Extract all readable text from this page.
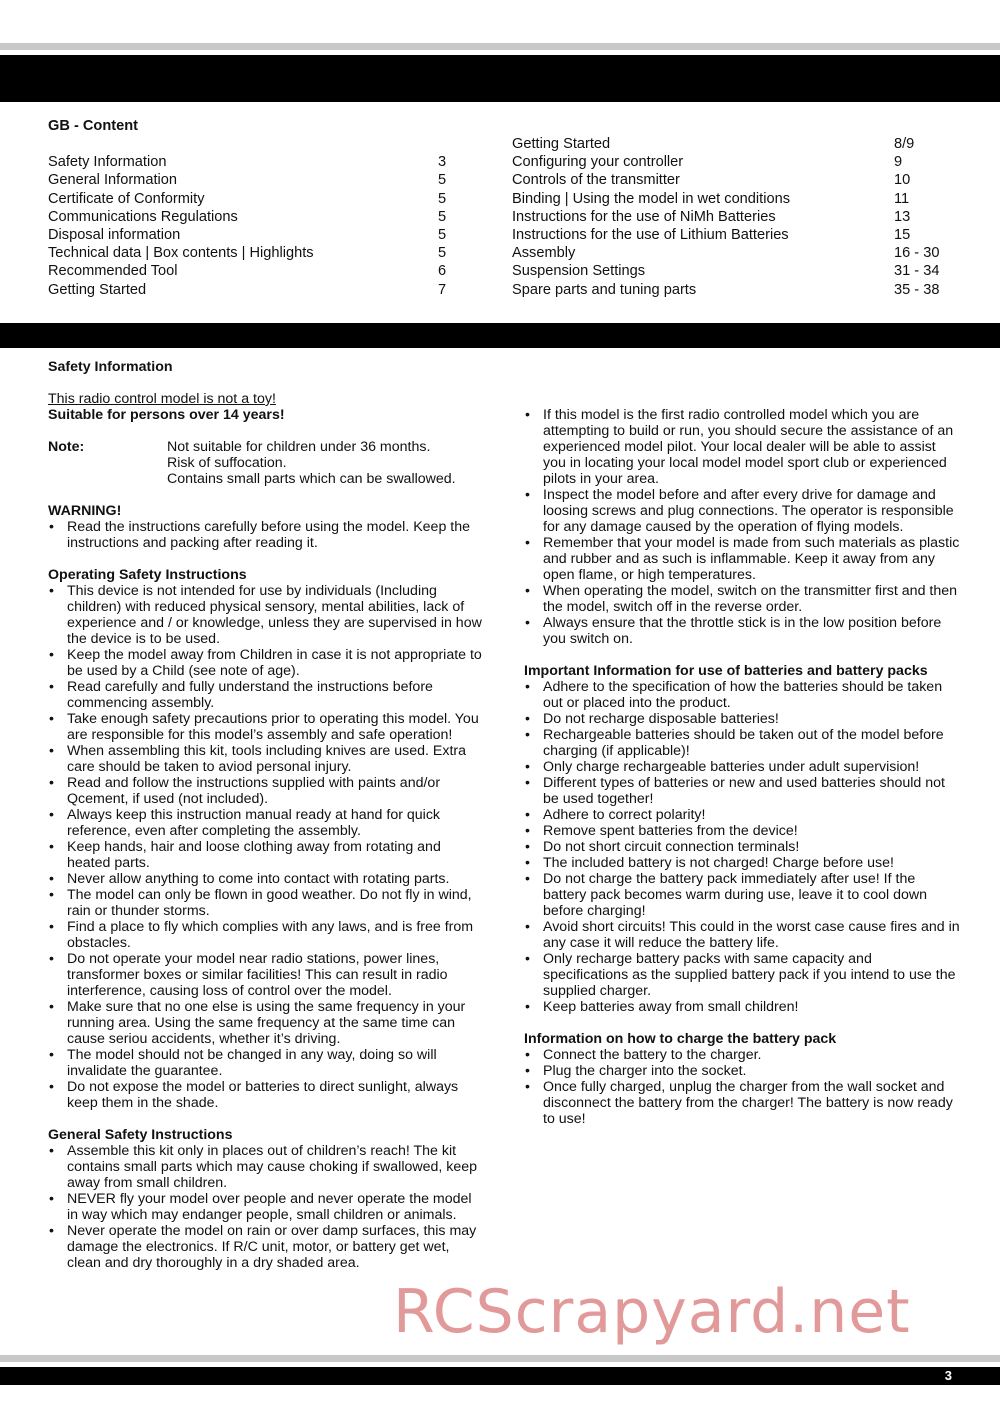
GB - Content
Safety Information	3
General Information	5
Certificate of Conformity	5
Communications Regulations	5
Disposal information	5
Technical data | Box contents | Highlights	5
Recommended Tool	6
Getting Started	7
Getting Started	8/9
Configuring your controller	9
Controls of the transmitter	10
Binding | Using the model in wet conditions	11
Instructions for the use of NiMh Batteries	13
Instructions for the use of Lithium Batteries	15
Assembly	16 - 30
Suspension Settings	31 - 34
Spare parts and tuning parts	35 - 38
Safety Information
This radio control model is not a toy!
Suitable for persons over 14 years!
Note:	Not suitable for children under 36 months.
Risk of suffocation.
Contains small parts which can be swallowed.
WARNING!
• Read the instructions carefully before using the model. Keep the instructions and packing after reading it.
Operating Safety Instructions
• This device is not intended for use by individuals (Including children) with reduced physical sensory, mental abilities, lack of experience and / or knowledge, unless they are supervised in how the device is to be used.
• Keep the model away from Children in case it is not appropriate to be used by a Child (see note of age).
• Read carefully and fully understand the instructions before commencing assembly.
• Take enough safety precautions prior to operating this model. You are responsible for this model’s assembly and safe operation!
• When assembling this kit, tools including knives are used. Extra care should be taken to aviod personal injury.
• Read and follow the instructions supplied with paints and/or Qcement, if used (not included).
• Always keep this instruction manual ready at hand for quick reference, even after completing the assembly.
• Keep hands, hair and loose clothing away from rotating and heated parts.
• Never allow anything to come into contact with rotating parts.
• The model can only be flown in good weather. Do not fly in wind, rain or thunder storms.
• Find a place to fly which complies with any laws, and is free from obstacles.
• Do not operate your model near radio stations, power lines, transformer boxes or similar facilities! This can result in radio interference, causing loss of control over the model.
• Make sure that no one else is using the same frequency in your running area. Using the same frequency at the same time can cause seriou accidents, whether it’s driving.
• The model should not be changed in any way, doing so will invalidate the guarantee.
• Do not expose the model or batteries to direct sunlight, always keep them in the shade.
General Safety Instructions
• Assemble this kit only in places out of children’s reach! The kit contains small parts which may cause choking if swallowed, keep away from small children.
• NEVER fly your model over people and never operate the model in way which may endanger people, small children or animals.
• Never operate the model on rain or over damp surfaces, this may damage the electronics. If R/C unit, motor, or battery get wet, clean and dry thoroughly in a dry shaded area.
• If this model is the first radio controlled model which you are attempting to build or run, you should secure the assistance of an experienced model pilot. Your local dealer will be able to assist you in locating your local model model sport club or experienced pilots in your area.
• Inspect the model before and after every drive for damage and loosing screws and plug connections. The operator is responsible for any damage caused by the operation of flying models.
• Remember that your model is made from such materials as plastic and rubber and as such is inflammable. Keep it away from any open flame, or high temperatures.
• When operating the model, switch on the transmitter first and then the model, switch off in the reverse order.
• Always ensure that the throttle stick is in the low position before you switch on.
Important Information for use of batteries and battery packs
• Adhere to the specification of how the batteries should be taken out or placed into the product.
• Do not recharge disposable batteries!
• Rechargeable batteries should be taken out of the model before charging (if applicable)!
• Only charge rechargeable batteries under adult supervision!
• Different types of batteries or new and used batteries should not be used together!
• Adhere to correct polarity!
• Remove spent batteries from the device!
• Do not short circuit connection terminals!
• The included battery is not charged! Charge before use!
• Do not charge the battery pack immediately after use! If the battery pack becomes warm during use, leave it to cool down before charging!
• Avoid short circuits! This could in the worst case cause fires and in any case it will reduce the battery life.
• Only recharge battery packs with same capacity and specifications as the supplied battery pack if you intend to use the supplied charger.
• Keep batteries away from small children!
Information on how to charge the battery pack
• Connect the battery to the charger.
• Plug the charger into the socket.
• Once fully charged, unplug the charger from the wall socket and disconnect the battery from the charger! The battery is now ready to use!
RCScrapyard.net
3
